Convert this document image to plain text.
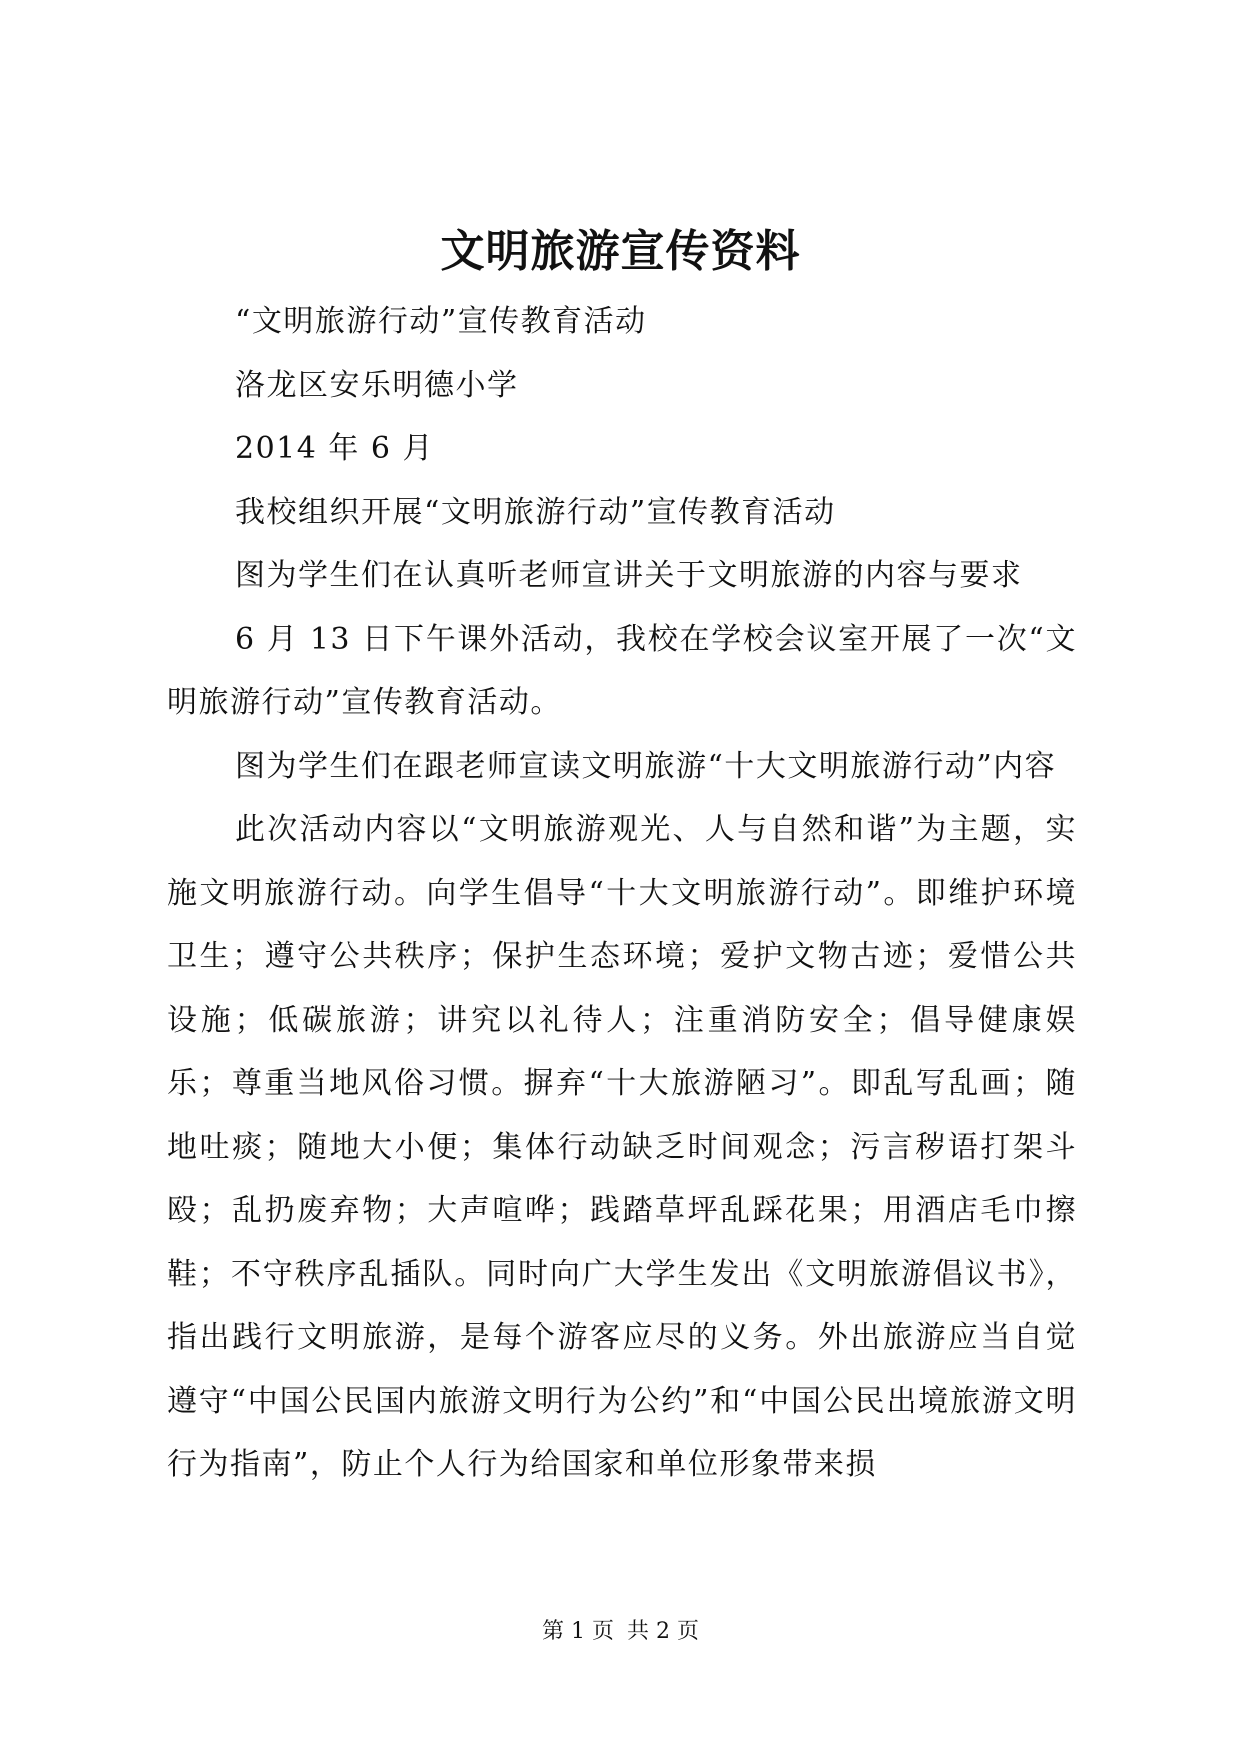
文明旅游宣传资料

“文明旅游行动”宣传教育活动

洛龙区安乐明德小学

2014 年 6 月

我校组织开展“文明旅游行动”宣传教育活动

图为学生们在认真听老师宣讲关于文明旅游的内容与要求

6 月 13 日下午课外活动，我校在学校会议室开展了一次“文明旅游行动”宣传教育活动。

图为学生们在跟老师宣读文明旅游“十大文明旅游行动”内容

此次活动内容以“文明旅游观光、人与自然和谐”为主题，实施文明旅游行动。向学生倡导“十大文明旅游行动”。即维护环境卫生；遵守公共秩序；保护生态环境；爱护文物古迹；爱惜公共设施；低碳旅游；讲究以礼待人；注重消防安全；倡导健康娱乐；尊重当地风俗习惯。摒弃“十大旅游陋习”。即乱写乱画；随地吐痰；随地大小便；集体行动缺乏时间观念；污言秽语打架斗殴；乱扔废弃物；大声喧哗；践踏草坪乱踩花果；用酒店毛巾擦鞋；不守秩序乱插队。同时向广大学生发出《文明旅游倡议书》，指出践行文明旅游，是每个游客应尽的义务。外出旅游应当自觉遵守“中国公民国内旅游文明行为公约”和“中国公民出境旅游文明行为指南”，防止个人行为给国家和单位形象带来损

第 1 页 共 2 页
